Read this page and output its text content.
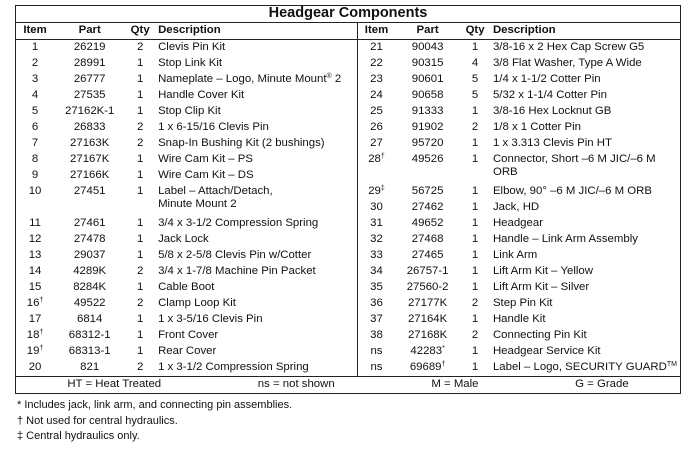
Headgear Components							
Item	Part	Qty	Description	Item	Part	Qty	Description
1	26219	2	Clevis Pin Kit	21	90043	1	3/8-16 x 2 Hex Cap Screw G5
2	28991	1	Stop Link Kit	22	90315	4	3/8 Flat Washer, Type A Wide
3	26777	1	Nameplate – Logo, Minute Mount® 2	23	90601	5	1/4 x 1-1/2 Cotter Pin
4	27535	1	Handle Cover Kit	24	90658	5	5/32 x 1-1/4 Cotter Pin
5	27162K-1	1	Stop Clip Kit	25	91333	1	3/8-16 Hex Locknut GB
6	26833	2	1 x 6-15/16 Clevis Pin	26	91902	2	1/8 x 1 Cotter Pin
7	27163K	2	Snap-In Bushing Kit (2 bushings)	27	95720	1	1 x 3.313 Clevis Pin HT
8	27167K	1	Wire Cam Kit – PS	28†	49526	1	Connector, Short –6 M JIC/–6 M
ORB
9	27166K	1	Wire Cam Kit – DS				
10	27451	1	Label – Attach/Detach,
Minute Mount 2	29‡	56725	1	Elbow, 90° –6 M JIC/–6 M ORB
				30	27462	1	Jack, HD
11	27461	1	3/4 x 3-1/2 Compression Spring	31	49652	1	Headgear
12	27478	1	Jack Lock	32	27468	1	Handle – Link Arm Assembly
13	29037	1	5/8 x 2-5/8 Clevis Pin w/Cotter	33	27465	1	Link Arm
14	4289K	2	3/4 x 1-7/8 Machine Pin Packet	34	26757-1	1	Lift Arm Kit – Yellow
15	8284K	1	Cable Boot	35	27560-2	1	Lift Arm Kit – Silver
16†	49522	2	Clamp Loop Kit	36	27177K	2	Step Pin Kit
17	6814	1	1 x 3-5/16 Clevis Pin	37	27164K	1	Handle Kit
18†	68312-1	1	Front Cover	38	27168K	2	Connecting Pin Kit
19†	68313-1	1	Rear Cover	ns	42283*	1	Headgear Service Kit
20	821	2	1 x 3-1/2 Compression Spring	ns	69689†	1	Label – Logo, SECURITY GUARD™

HT = Heat Treated ns = not shown M = Male G = Grade							
* Includes jack, link arm, and connecting pin assemblies.
† Not used for central hydraulics.
‡ Central hydraulics only.
